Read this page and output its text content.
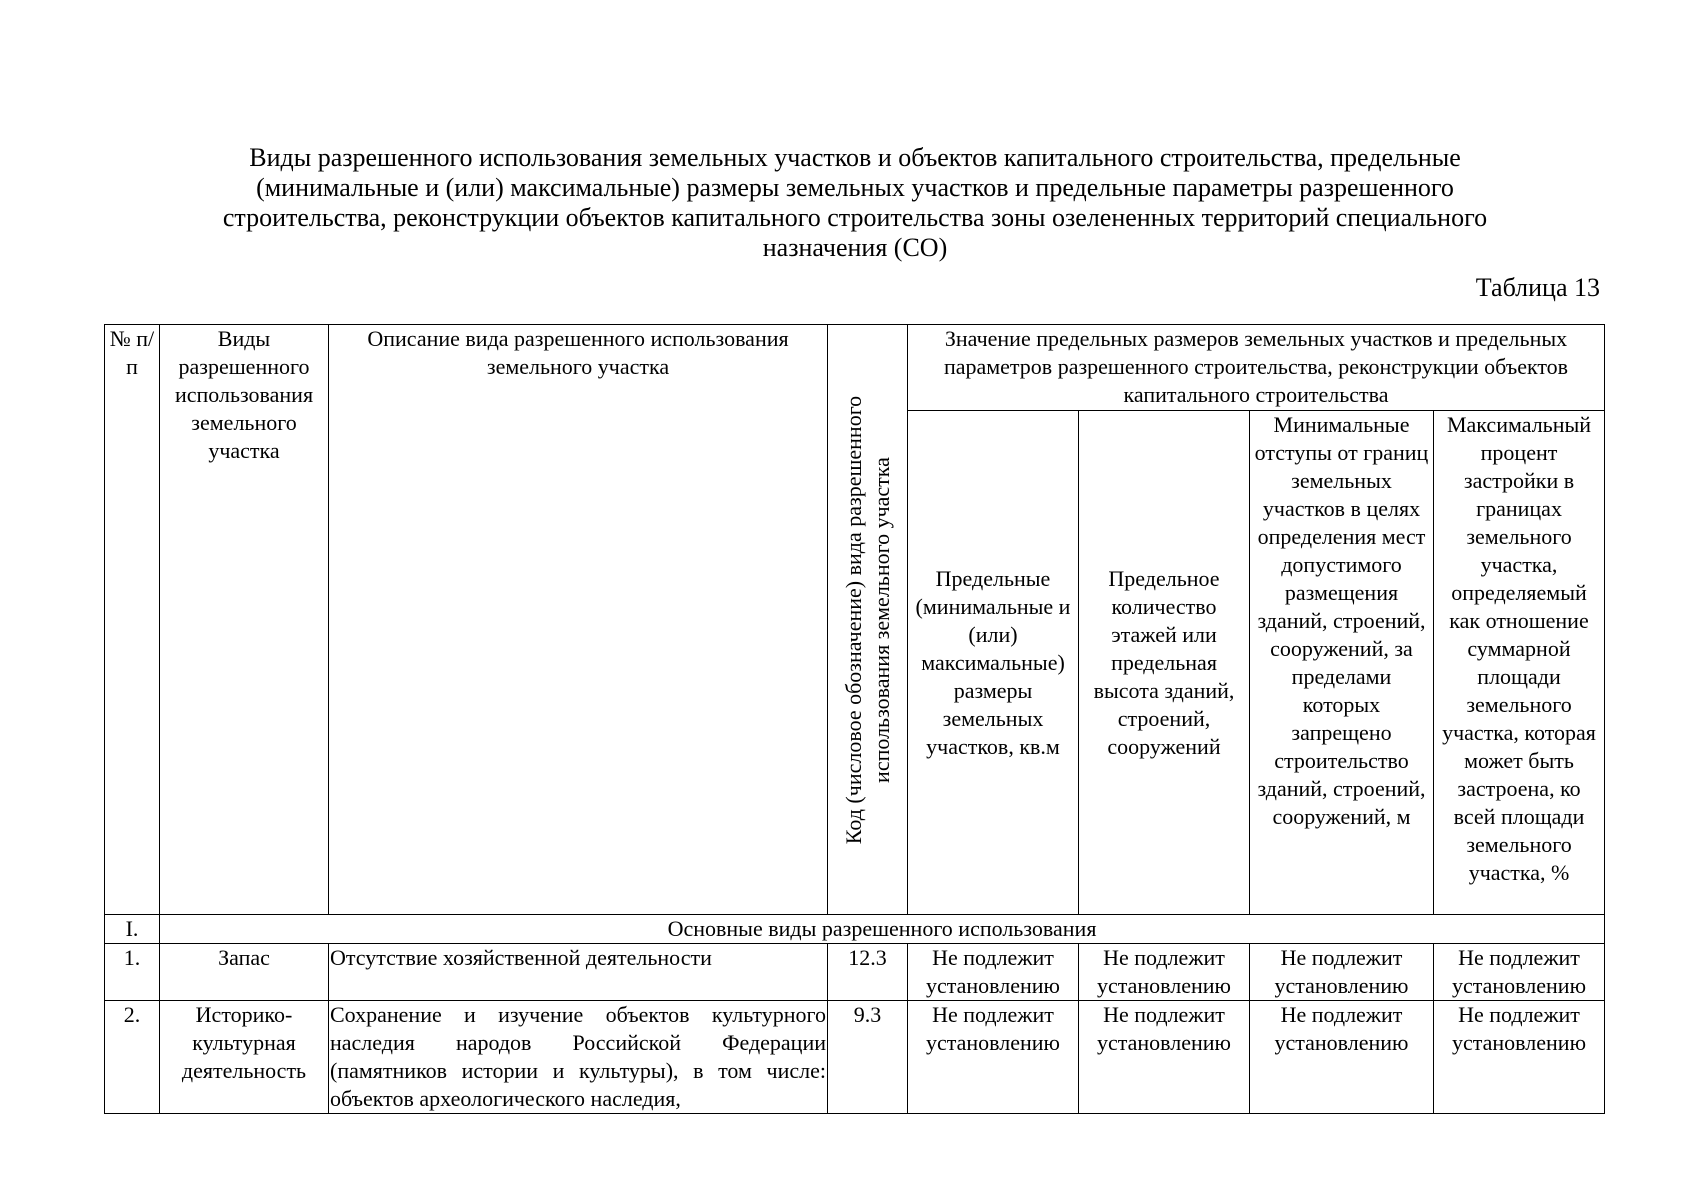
Виды разрешенного использования земельных участков и объектов капитального строительства, предельные
(минимальные и (или) максимальные) размеры земельных участков и предельные параметры разрешенного
строительства, реконструкции объектов капитального строительства зоны озелененных территорий специального
назначения (СО)
Таблица 13
№ п/п	Виды разрешенного использования земельного участка	Описание вида разрешенного использования земельного участка	Код (числовое обозначение) вида разрешенного использования земельного участка	Значение предельных размеров земельных участков и предельных параметров разрешенного строительства, реконструкции объектов капитального строительства			
				Предельные (минимальные и (или) максимальные) размеры земельных участков, кв.м	Предельное количество этажей или предельная высота зданий, строений, сооружений	Минимальные отступы от границ земельных участков в целях определения мест допустимого размещения зданий, строений, сооружений, за пределами которых запрещено строительство зданий, строений, сооружений, м	Максимальный процент застройки в границах земельного участка, определяемый как отношение суммарной площади земельного участка, которая может быть застроена, ко всей площади земельного участка, %
I.	Основные виды разрешенного использования						
1.	Запас	Отсутствие хозяйственной деятельности	12.3	Не подлежит установлению	Не подлежит установлению	Не подлежит установлению	Не подлежит установлению
2.	Историко-культурная деятельность	Сохранение и изучение объектов культурного наследия народов Российской Федерации (памятников истории и культуры), в том числе: объектов археологического наследия,	9.3	Не подлежит установлению	Не подлежит установлению	Не подлежит установлению	Не подлежит установлению
